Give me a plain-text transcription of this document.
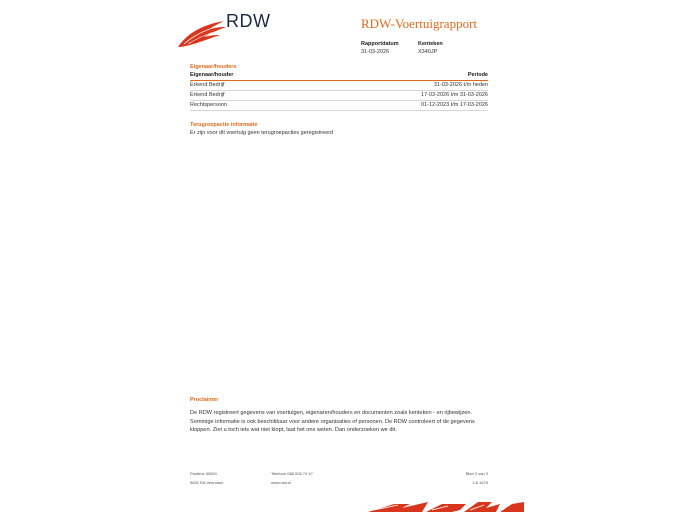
RDW	RDW-Voertuigrapport
Rapportdatum
31-03-2026
Kenteken
X340JP
Eigenaar/houders
Eigenaar/houder	Periode
Erkend Bedrijf	31-03-2026 t/m heden
Erkend Bedrijf	17-03-2026 t/m 31-03-2026
Rechtspersoon	01-12-2023 t/m 17-03-2026
Terugroepactie informatie
Er zijn voor dit voertuig geen terugroepacties geregistreerd
Proclaimer
De RDW registreert gegevens van voertuigen, eigenaren/houders en documenten zoals kenteken - en rijbewijzen.
Sommige informatie is ook beschikbaar voor andere organisaties of personen. De RDW controleert of de gegevens
kloppen. Ziet u toch iets wat niet klopt, laat het ons weten. Dan onderzoeken we dit.
Postbus 30000
9640 RA Veendam
Telefoon 088 008 74 47
www.rdw.nl
Blad 2 van 3
2.6 1679
